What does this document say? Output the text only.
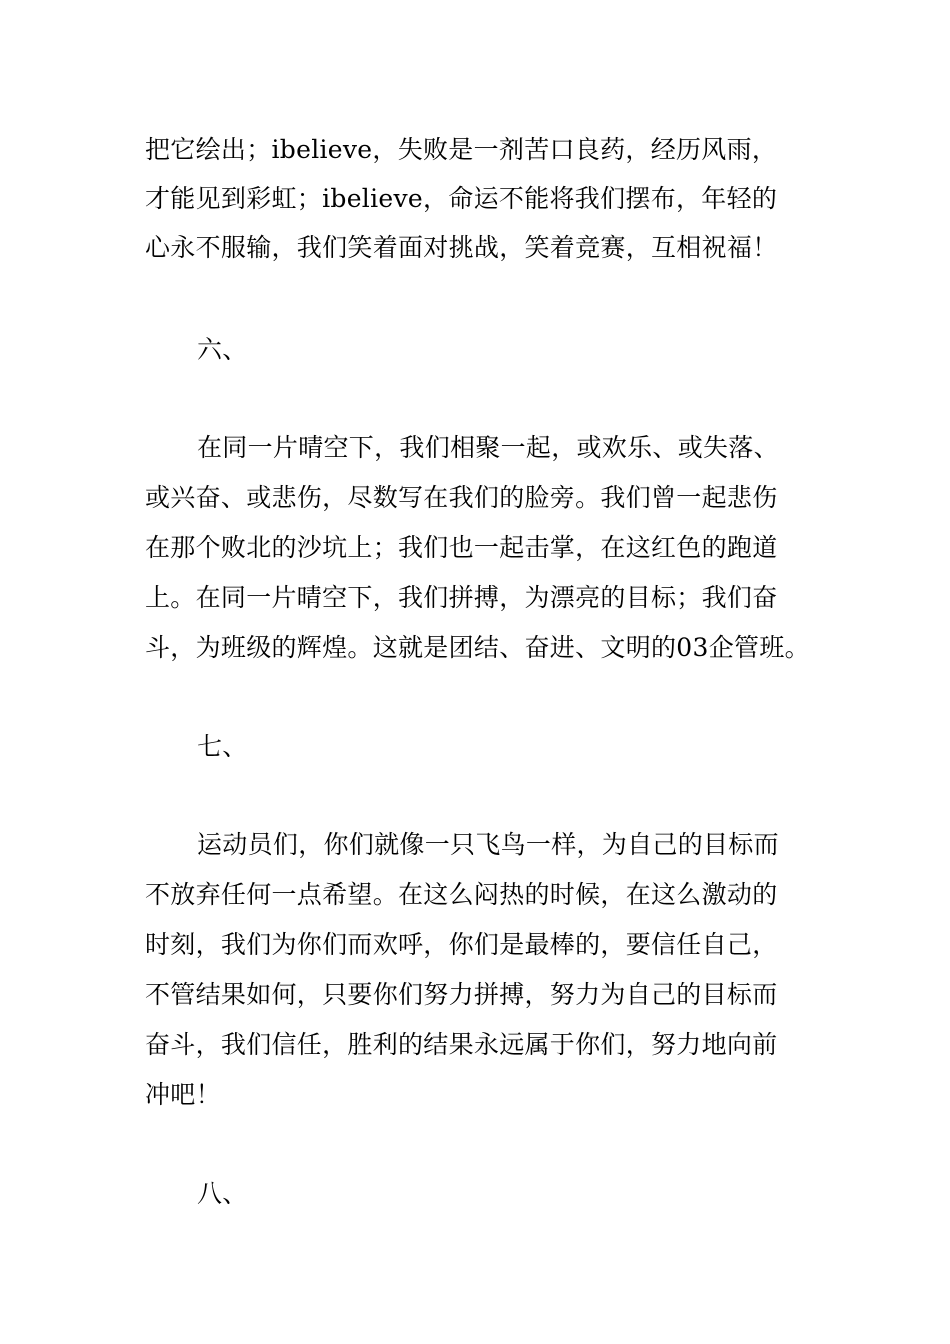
把它绘出；ibelieve，失败是一剂苦口良药，经历风雨，
才能见到彩虹；ibelieve，命运不能将我们摆布，年轻的
心永不服输，我们笑着面对挑战，笑着竞赛，互相祝福！
六、
在同一片晴空下，我们相聚一起，或欢乐、或失落、
或兴奋、或悲伤，尽数写在我们的脸旁。我们曾一起悲伤
在那个败北的沙坑上；我们也一起击掌，在这红色的跑道
上。在同一片晴空下，我们拼搏，为漂亮的目标；我们奋
斗，为班级的辉煌。这就是团结、奋进、文明的03企管班。
七、
运动员们，你们就像一只飞鸟一样，为自己的目标而
不放弃任何一点希望。在这么闷热的时候，在这么激动的
时刻，我们为你们而欢呼，你们是最棒的，要信任自己，
不管结果如何，只要你们努力拼搏，努力为自己的目标而
奋斗，我们信任，胜利的结果永远属于你们，努力地向前
冲吧！
八、
